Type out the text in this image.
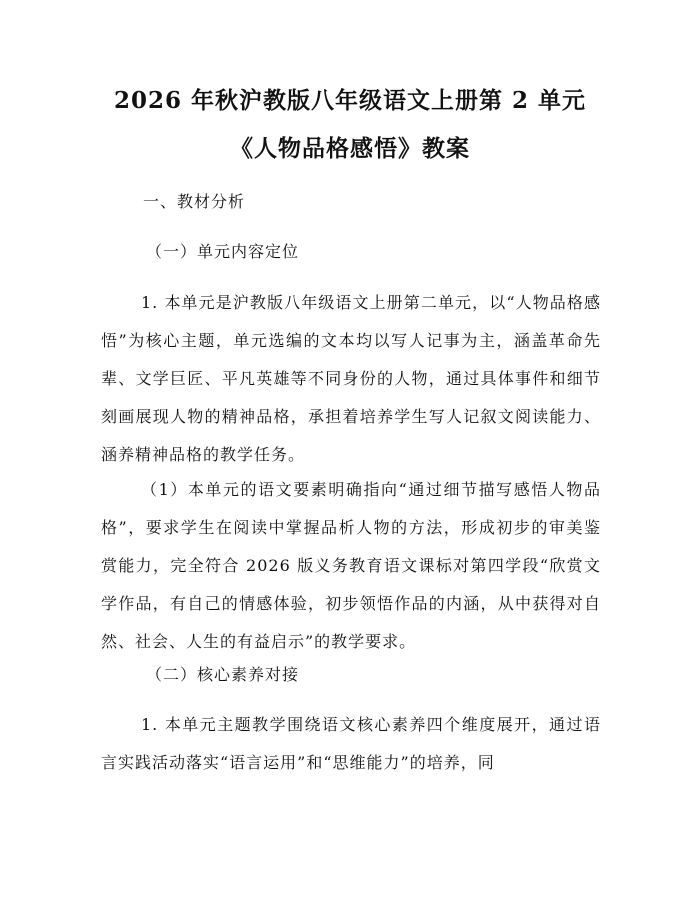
2026 年秋沪教版八年级语文上册第 2 单元
《人物品格感悟》教案
一、教材分析
（一）单元内容定位
1. 本单元是沪教版八年级语文上册第二单元，以“人物品格感悟”为核心主题，单元选编的文本均以写人记事为主，涵盖革命先辈、文学巨匠、平凡英雄等不同身份的人物，通过具体事件和细节刻画展现人物的精神品格，承担着培养学生写人记叙文阅读能力、涵养精神品格的教学任务。
（1）本单元的语文要素明确指向“通过细节描写感悟人物品格”，要求学生在阅读中掌握品析人物的方法，形成初步的审美鉴赏能力，完全符合 2026 版义务教育语文课标对第四学段“欣赏文学作品，有自己的情感体验，初步领悟作品的内涵，从中获得对自然、社会、人生的有益启示”的教学要求。
（二）核心素养对接
1. 本单元主题教学围绕语文核心素养四个维度展开，通过语言实践活动落实“语言运用”和“思维能力”的培养，同
